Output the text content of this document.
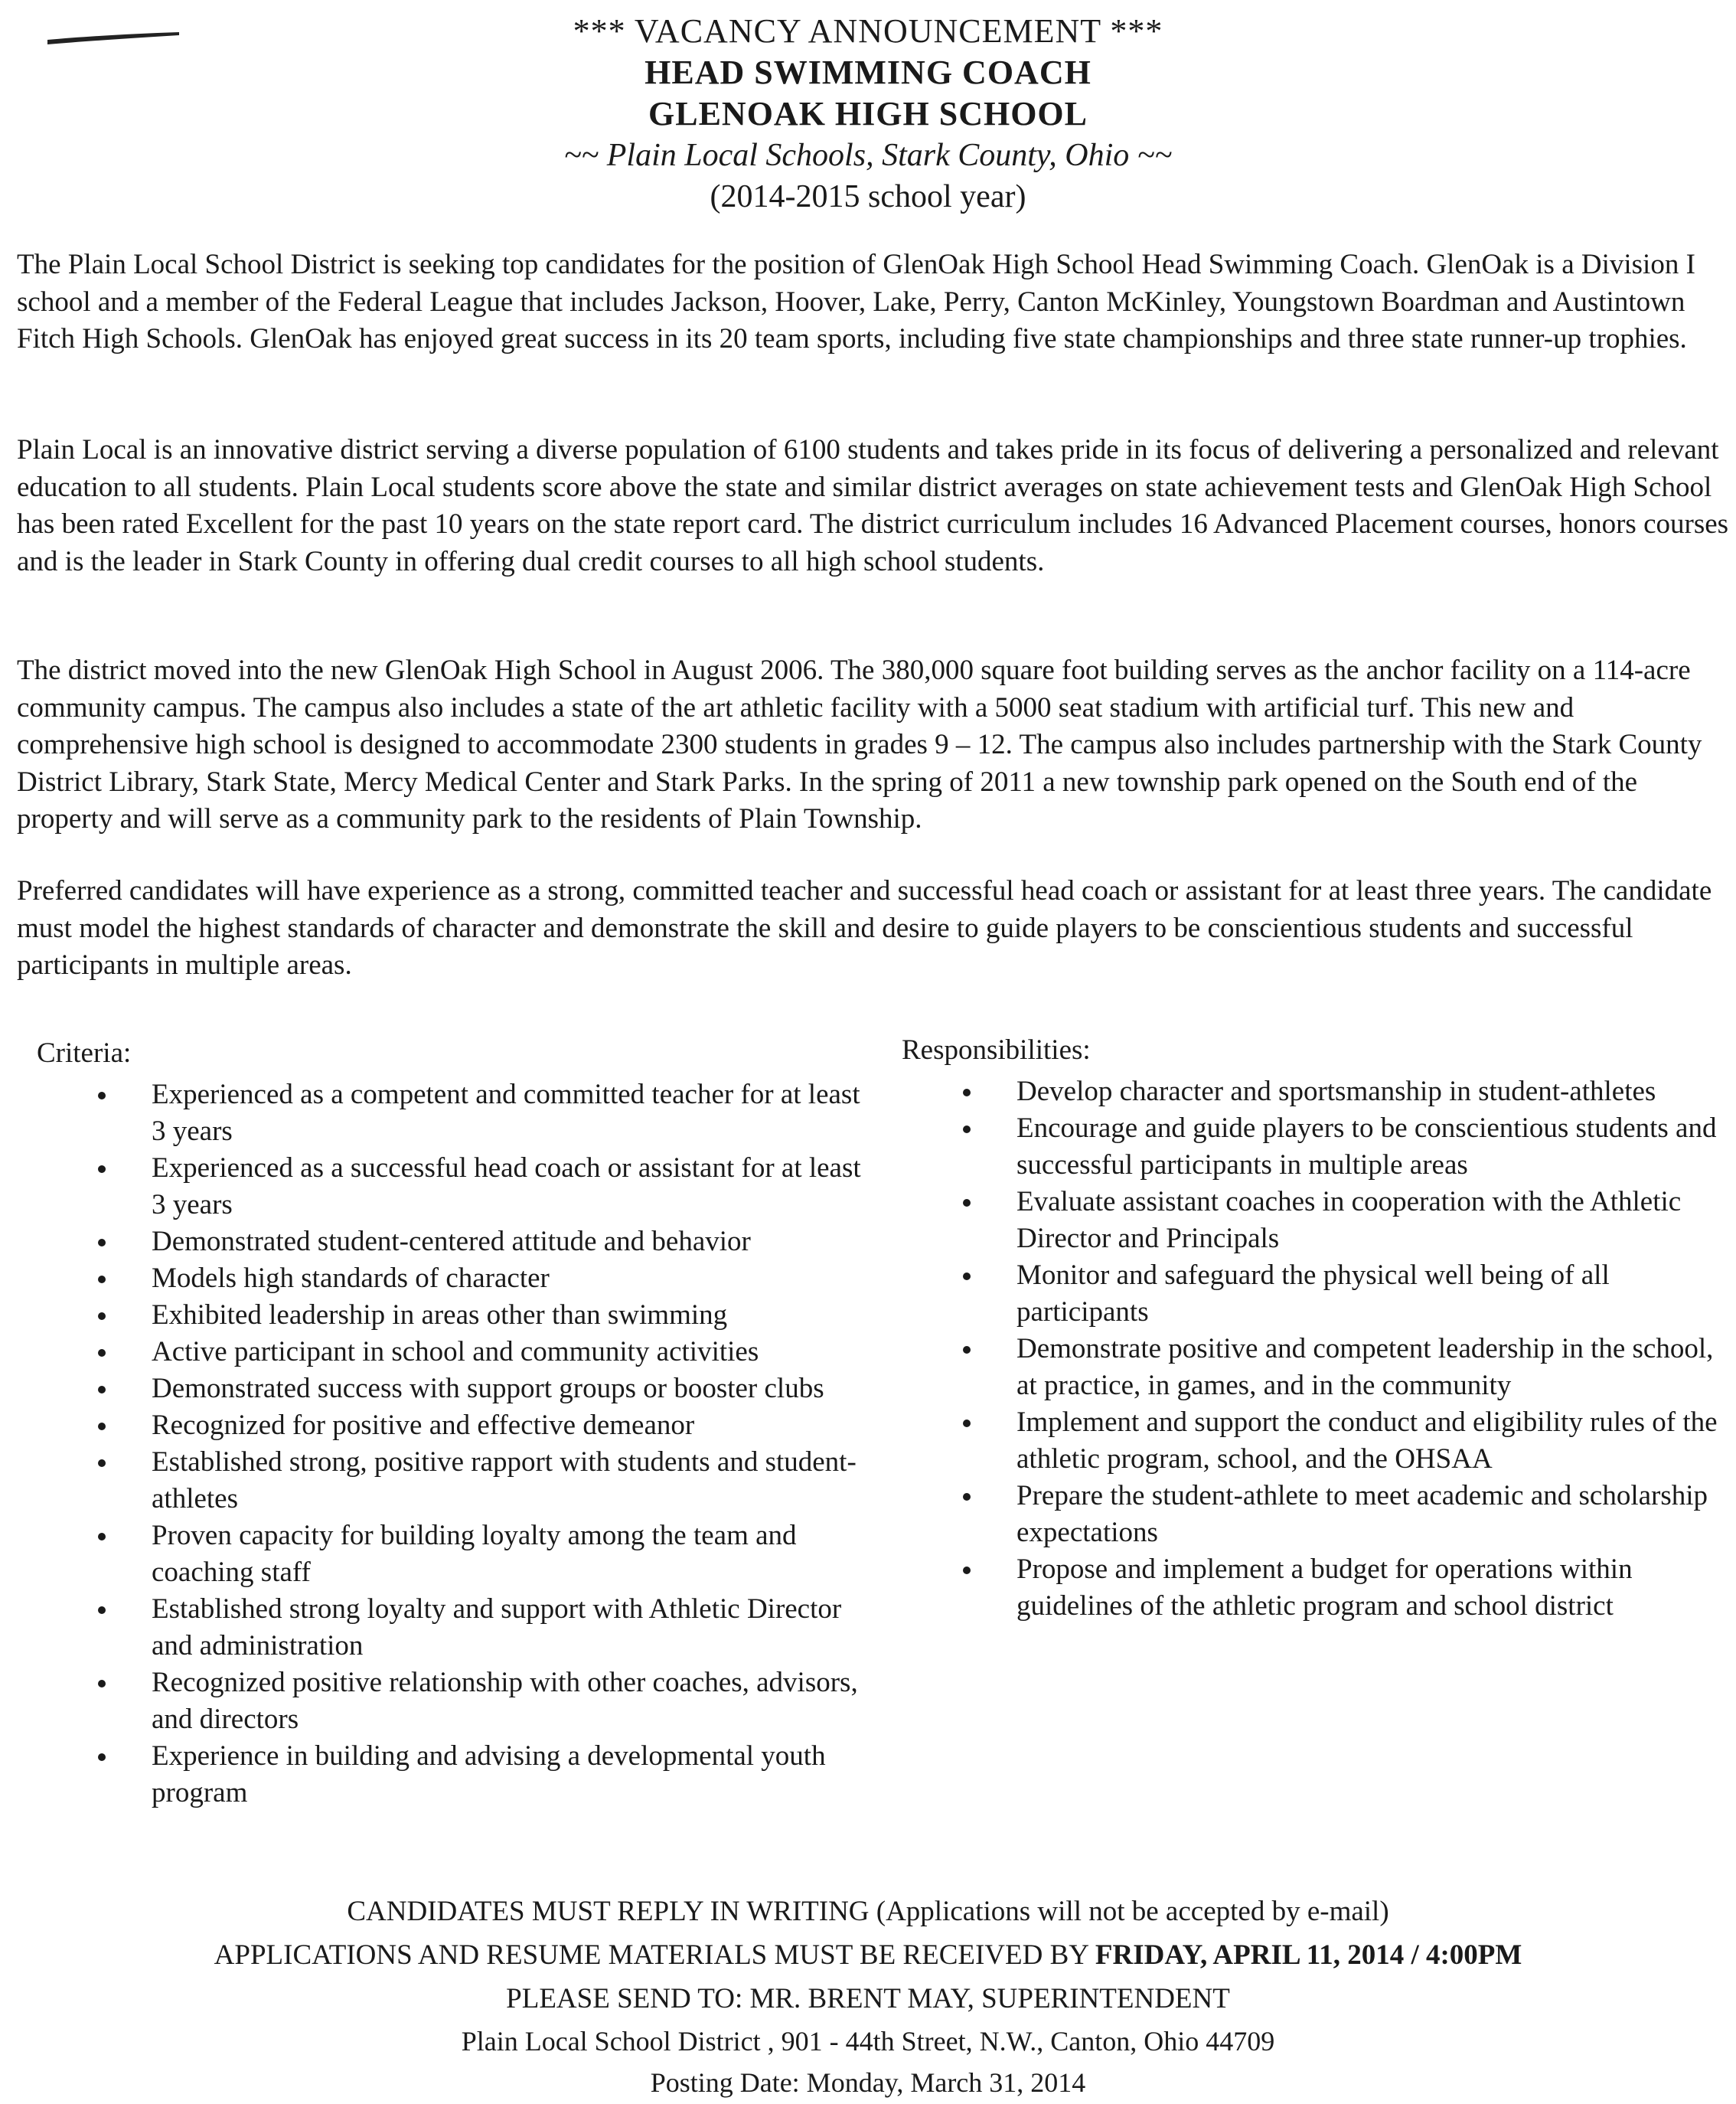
*** VACANCY ANNOUNCEMENT ***
HEAD SWIMMING COACH
GLENOAK HIGH SCHOOL
~~ Plain Local Schools, Stark County, Ohio ~~
(2014-2015 school year)

The Plain Local School District is seeking top candidates for the position of GlenOak High School Head Swimming Coach. GlenOak is a Division I school and a member of the Federal League that includes Jackson, Hoover, Lake, Perry, Canton McKinley, Youngstown Boardman and Austintown Fitch High Schools. GlenOak has enjoyed great success in its 20 team sports, including five state championships and three state runner-up trophies.

Plain Local is an innovative district serving a diverse population of 6100 students and takes pride in its focus of delivering a personalized and relevant education to all students. Plain Local students score above the state and similar district averages on state achievement tests and GlenOak High School has been rated Excellent for the past 10 years on the state report card. The district curriculum includes 16 Advanced Placement courses, honors courses and is the leader in Stark County in offering dual credit courses to all high school students.

The district moved into the new GlenOak High School in August 2006. The 380,000 square foot building serves as the anchor facility on a 114-acre community campus. The campus also includes a state of the art athletic facility with a 5000 seat stadium with artificial turf. This new and comprehensive high school is designed to accommodate 2300 students in grades 9 – 12. The campus also includes partnership with the Stark County District Library, Stark State, Mercy Medical Center and Stark Parks. In the spring of 2011 a new township park opened on the South end of the property and will serve as a community park to the residents of Plain Township.

Preferred candidates will have experience as a strong, committed teacher and successful head coach or assistant for at least three years. The candidate must model the highest standards of character and demonstrate the skill and desire to guide players to be conscientious students and successful participants in multiple areas.

Criteria:
Experienced as a competent and committed teacher for at least 3 years
Experienced as a successful head coach or assistant for at least 3 years
Demonstrated student-centered attitude and behavior
Models high standards of character
Exhibited leadership in areas other than swimming
Active participant in school and community activities
Demonstrated success with support groups or booster clubs
Recognized for positive and effective demeanor
Established strong, positive rapport with students and student-athletes
Proven capacity for building loyalty among the team and coaching staff
Established strong loyalty and support with Athletic Director and administration
Recognized positive relationship with other coaches, advisors, and directors
Experience in building and advising a developmental youth program
Responsibilities:
Develop character and sportsmanship in student-athletes
Encourage and guide players to be conscientious students and successful participants in multiple areas
Evaluate assistant coaches in cooperation with the Athletic Director and Principals
Monitor and safeguard the physical well being of all participants
Demonstrate positive and competent leadership in the school, at practice, in games, and in the community
Implement and support the conduct and eligibility rules of the athletic program, school, and the OHSAA
Prepare the student-athlete to meet academic and scholarship expectations
Propose and implement a budget for operations within guidelines of the athletic program and school district
CANDIDATES MUST REPLY IN WRITING (Applications will not be accepted by e-mail)
APPLICATIONS AND RESUME MATERIALS MUST BE RECEIVED BY FRIDAY, APRIL 11, 2014 / 4:00PM
PLEASE SEND TO: MR. BRENT MAY, SUPERINTENDENT
Plain Local School District , 901 - 44th Street, N.W., Canton, Ohio 44709
Posting Date: Monday, March 31, 2014
